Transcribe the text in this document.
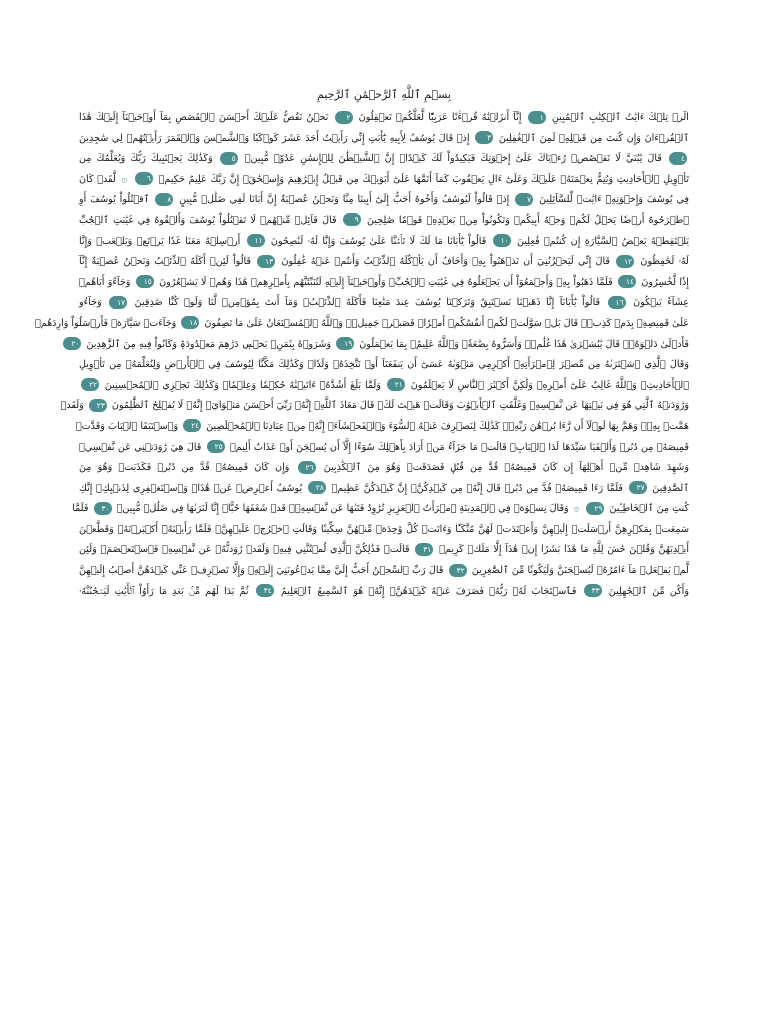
بِسۡمِ ٱللَّهِ ٱلرَّحۡمَٰنِ ٱلرَّحِيمِ
الٓرۚ تِلۡكَ ءَايَٰتُ ٱلۡكِتَٰبِ ٱلۡمُبِينِ ١ إِنَّآ أَنزَلۡنَٰهُ قُرۡءَٰنًا عَرَبِيّٗا لَّعَلَّكُمۡ تَعۡقِلُونَ ٢ نَحۡنُ نَقُصُّ عَلَيۡكَ أَحۡسَنَ ٱلۡقَصَصِ بِمَآ أَوۡحَيۡنَآ إِلَيۡكَ هَٰذَا
ٱلۡقُرۡءَانَ وَإِن كُنتَ مِن قَبۡلِهِۦ لَمِنَ ٱلۡغَٰفِلِينَ ٣ إِذۡ قَالَ يُوسُفُ لِأَبِيهِ يَٰٓأَبَتِ إِنِّي رَأَيۡتُ أَحَدَ عَشَرَ كَوۡكَبٗا وَٱلشَّمۡسَ وَٱلۡقَمَرَ رَأَيۡتُهُمۡ لِي سَٰجِدِينَ
٤ قَالَ يَٰبُنَيَّ لَا تَقۡصُصۡ رُءۡيَاكَ عَلَىٰٓ إِخۡوَتِكَ فَيَكِيدُواْ لَكَ كَيۡدًاۖ إِنَّ ٱلشَّيۡطَٰنَ لِلۡإِنسَٰنِ عَدُوّٞ مُّبِينٞ ٥ وَكَذَٰلِكَ يَجۡتَبِيكَ رَبُّكَ وَيُعَلِّمُكَ مِن
تَأۡوِيلِ ٱلۡأَحَادِيثِ وَيُتِمُّ نِعۡمَتَهُۥ عَلَيۡكَ وَعَلَىٰٓ ءَالِ يَعۡقُوبَ كَمَآ أَتَمَّهَا عَلَىٰٓ أَبَوَيۡكَ مِن قَبۡلُ إِبۡرَٰهِيمَ وَإِسۡحَٰقَۚ إِنَّ رَبَّكَ عَلِيمٌ حَكِيمٞ ٦ ۞ لَّقَدۡ كَانَ
فِي يُوسُفَ وَإِخۡوَتِهِۦٓ ءَايَٰتٞ لِّلسَّآئِلِينَ ٧ إِذۡ قَالُواْ لَيُوسُفُ وَأَخُوهُ أَحَبُّ إِلَىٰٓ أَبِينَا مِنَّا وَنَحۡنُ عُصۡبَةٌ إِنَّ أَبَانَا لَفِي ضَلَٰلٖ مُّبِينٍ ٨ ٱقۡتُلُواْ يُوسُفَ أَوِ
ٱطۡرَحُوهُ أَرۡضٗا يَخۡلُ لَكُمۡ وَجۡهُ أَبِيكُمۡ وَتَكُونُواْ مِنۢ بَعۡدِهِۦ قَوۡمٗا صَٰلِحِينَ ٩ قَالَ قَآئِلٞ مِّنۡهُمۡ لَا تَقۡتُلُواْ يُوسُفَ وَأَلۡقُوهُ فِي غَيَٰبَتِ ٱلۡجُبِّ
يَلۡتَقِطۡهُ بَعۡضُ ٱلسَّيَّارَةِ إِن كُنتُمۡ فَٰعِلِينَ ١٠ قَالُواْ يَٰٓأَبَانَا مَا لَكَ لَا تَأۡمَ۬نَّا عَلَىٰ يُوسُفَ وَإِنَّا لَهُۥ لَنَٰصِحُونَ ١١ أَرۡسِلۡهُ مَعَنَا غَدٗا يَرۡتَعۡ وَيَلۡعَبۡ وَإِنَّا
لَهُۥ لَحَٰفِظُونَ ١٢ قَالَ إِنِّي لَيَحۡزُنُنِيٓ أَن تَذۡهَبُواْ بِهِۦ وَأَخَافُ أَن يَأۡكُلَهُ ٱلذِّئۡبُ وَأَنتُمۡ عَنۡهُ غَٰفِلُونَ ١٣ قَالُواْ لَئِنۡ أَكَلَهُ ٱلذِّئۡبُ وَنَحۡنُ عُصۡبَةٌ إِنَّآ
إِذٗا لَّخَٰسِرُونَ ١٤ فَلَمَّا ذَهَبُواْ بِهِۦ وَأَجۡمَعُوٓاْ أَن يَجۡعَلُوهُ فِي غَيَٰبَتِ ٱلۡجُبِّۚ وَأَوۡحَيۡنَآ إِلَيۡهِ لَتُنَبِّئَنَّهُم بِأَمۡرِهِمۡ هَٰذَا وَهُمۡ لَا يَشۡعُرُونَ ١٥ وَجَآءُوٓ أَبَاهُمۡ
عِشَآءٗ يَبۡكُونَ ١٦ قَالُواْ يَٰٓأَبَانَآ إِنَّا ذَهَبۡنَا نَسۡتَبِقُ وَتَرَكۡنَا يُوسُفَ عِندَ مَتَٰعِنَا فَأَكَلَهُ ٱلذِّئۡبُۖ وَمَآ أَنتَ بِمُؤۡمِنٖ لَّنَا وَلَوۡ كُنَّا صَٰدِقِينَ ١٧ وَجَآءُو
عَلَىٰ قَمِيصِهِۦ بِدَمٖ كَذِبٖۚ قَالَ بَلۡ سَوَّلَتۡ لَكُمۡ أَنفُسُكُمۡ أَمۡرٗاۖ فَصَبۡرٞ جَمِيلٞۖ وَٱللَّهُ ٱلۡمُسۡتَعَانُ عَلَىٰ مَا تَصِفُونَ ١٨ وَجَآءَتۡ سَيَّارَةٞ فَأَرۡسَلُواْ وَارِدَهُمۡ
فَأَدۡلَىٰ دَلۡوَهُۥۖ قَالَ يَٰبُشۡرَىٰ هَٰذَا غُلَٰمٞۚ وَأَسَرُّوهُ بِضَٰعَةٗۚ وَٱللَّهُ عَلِيمُۢ بِمَا يَعۡمَلُونَ ١٩ وَشَرَوۡهُ بِثَمَنِۭ بَخۡسٖ دَرَٰهِمَ مَعۡدُودَةٖ وَكَانُواْ فِيهِ مِنَ ٱلزَّٰهِدِينَ ٢٠
وَقَالَ ٱلَّذِي ٱشۡتَرَىٰهُ مِن مِّصۡرَ لِٱمۡرَأَتِهِۦٓ أَكۡرِمِي مَثۡوَىٰهُ عَسَىٰٓ أَن يَنفَعَنَآ أَوۡ نَتَّخِذَهُۥ وَلَدٗاۚ وَكَذَٰلِكَ مَكَّنَّا لِيُوسُفَ فِي ٱلۡأَرۡضِ وَلِنُعَلِّمَهُۥ مِن تَأۡوِيلِ
ٱلۡأَحَادِيثِۚ وَٱللَّهُ غَالِبٌ عَلَىٰٓ أَمۡرِهِۦ وَلَٰكِنَّ أَكۡثَرَ ٱلنَّاسِ لَا يَعۡلَمُونَ ٢١ وَلَمَّا بَلَغَ أَشُدَّهُۥٓ ءَاتَيۡنَٰهُ حُكۡمٗا وَعِلۡمٗاۚ وَكَذَٰلِكَ نَجۡزِي ٱلۡمُحۡسِنِينَ ٢٢
وَرَٰوَدَتۡهُ ٱلَّتِي هُوَ فِي بَيۡتِهَا عَن نَّفۡسِهِۦ وَغَلَّقَتِ ٱلۡأَبۡوَٰبَ وَقَالَتۡ هَيۡتَ لَكَۚ قَالَ مَعَاذَ ٱللَّهِۖ إِنَّهُۥ رَبِّيٓ أَحۡسَنَ مَثۡوَايَۖ إِنَّهُۥ لَا يُفۡلِحُ ٱلظَّٰلِمُونَ ٢٣ وَلَقَدۡ
هَمَّتۡ بِهِۦۖ وَهَمَّ بِهَا لَوۡلَآ أَن رَّءَا بُرۡهَٰنَ رَبِّهِۦۚ كَذَٰلِكَ لِنَصۡرِفَ عَنۡهُ ٱلسُّوٓءَ وَٱلۡفَحۡشَآءَۚ إِنَّهُۥ مِنۡ عِبَادِنَا ٱلۡمُخۡلَصِينَ ٢٤ وَٱسۡتَبَقَا ٱلۡبَابَ وَقَدَّتۡ
قَمِيصَهُۥ مِن دُبُرٖ وَأَلۡفَيَا سَيِّدَهَا لَدَا ٱلۡبَابِۚ قَالَتۡ مَا جَزَآءُ مَنۡ أَرَادَ بِأَهۡلِكَ سُوٓءًا إِلَّآ أَن يُسۡجَنَ أَوۡ عَذَابٌ أَلِيمٞ ٢٥ قَالَ هِيَ رَٰوَدَتۡنِي عَن نَّفۡسِيۚ
وَشَهِدَ شَاهِدٞ مِّنۡ أَهۡلِهَآ إِن كَانَ قَمِيصُهُۥ قُدَّ مِن قُبُلٖ فَصَدَقَتۡ وَهُوَ مِنَ ٱلۡكَٰذِبِينَ ٢٦ وَإِن كَانَ قَمِيصُهُۥ قُدَّ مِن دُبُرٖ فَكَذَبَتۡ وَهُوَ مِنَ
ٱلصَّٰدِقِينَ ٢٧ فَلَمَّا رَءَا قَمِيصَهُۥ قُدَّ مِن دُبُرٖ قَالَ إِنَّهُۥ مِن كَيۡدِكُنَّۖ إِنَّ كَيۡدَكُنَّ عَظِيمٞ ٢٨ يُوسُفُ أَعۡرِضۡ عَنۡ هَٰذَاۚ وَٱسۡتَغۡفِرِي لِذَنۢبِكِۖ إِنَّكِ
كُنتِ مِنَ ٱلۡخَاطِـِٔينَ ٢٩ ۞ وَقَالَ نِسۡوَةٞ فِي ٱلۡمَدِينَةِ ٱمۡرَأَتُ ٱلۡعَزِيزِ تُرَٰوِدُ فَتَىٰهَا عَن نَّفۡسِهِۦۖ قَدۡ شَغَفَهَا حُبًّاۖ إِنَّا لَنَرَىٰهَا فِي ضَلَٰلٖ مُّبِينٖ ٣٠ فَلَمَّا
سَمِعَتۡ بِمَكۡرِهِنَّ أَرۡسَلَتۡ إِلَيۡهِنَّ وَأَعۡتَدَتۡ لَهُنَّ مُتَّكَـٔٗا وَءَاتَتۡ كُلَّ وَٰحِدَةٖ مِّنۡهُنَّ سِكِّينٗا وَقَالَتِ ٱخۡرُجۡ عَلَيۡهِنَّۖ فَلَمَّا رَأَيۡنَهُۥٓ أَكۡبَرۡنَهُۥ وَقَطَّعۡنَ
أَيۡدِيَهُنَّ وَقُلۡنَ حَٰشَ لِلَّهِ مَا هَٰذَا بَشَرًا إِنۡ هَٰذَآ إِلَّا مَلَكٞ كَرِيمٞ ٣١ قَالَتۡ فَذَٰلِكُنَّ ٱلَّذِي لُمۡتُنَّنِي فِيهِۖ وَلَقَدۡ رَٰوَدتُّهُۥ عَن نَّفۡسِهِۦ فَٱسۡتَعۡصَمَۖ وَلَئِن
لَّمۡ يَفۡعَلۡ مَآ ءَامُرُهُۥ لَيُسۡجَنَنَّ وَلَيَكُونٗا مِّنَ ٱلصَّٰغِرِينَ ٣٢ قَالَ رَبِّ ٱلسِّجۡنُ أَحَبُّ إِلَيَّ مِمَّا يَدۡعُونَنِيٓ إِلَيۡهِۖ وَإِلَّا تَصۡرِفۡ عَنِّي كَيۡدَهُنَّ أَصۡبُ إِلَيۡهِنَّ
وَأَكُن مِّنَ ٱلۡجَٰهِلِينَ ٣٣ فَٱسۡتَجَابَ لَهُۥ رَبُّهُۥ فَصَرَفَ عَنۡهُ كَيۡدَهُنَّۚ إِنَّهُۥ هُوَ ٱلسَّمِيعُ ٱلۡعَلِيمُ ٣٤ ثُمَّ بَدَا لَهُم مِّنۢ بَعۡدِ مَا رَأَوُاْ ٱلۡأٓيَٰتِ لَيَسۡجُنُنَّهُۥ
